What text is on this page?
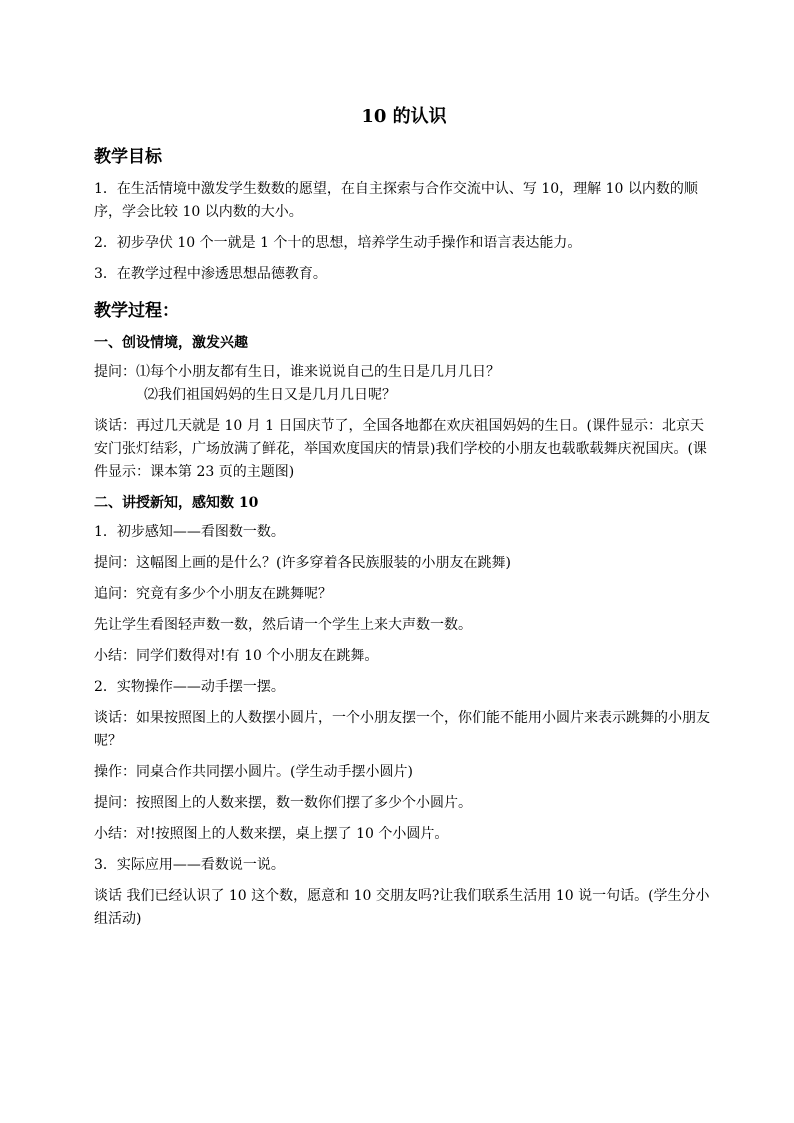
10 的认识
教学目标
1．在生活情境中激发学生数数的愿望，在自主探索与合作交流中认、写 10，理解 10 以内数的顺序，学会比较 10 以内数的大小。
2．初步孕伏 10 个一就是 1 个十的思想，培养学生动手操作和语言表达能力。
3．在教学过程中渗透思想品德教育。
教学过程：
一、创设情境，激发兴趣
提问：⑴每个小朋友都有生日，谁来说说自己的生日是几月几日？
⑵我们祖国妈妈的生日又是几月几日呢？
谈话：再过几天就是 10 月 1 日国庆节了，全国各地都在欢庆祖国妈妈的生日。(课件显示：北京天安门张灯结彩，广场放满了鲜花，举国欢度国庆的情景)我们学校的小朋友也载歌载舞庆祝国庆。(课件显示：课本第 23 页的主题图)
二、讲授新知，感知数 10
1．初步感知——看图数一数。
提问：这幅图上画的是什么？(许多穿着各民族服装的小朋友在跳舞)
追问：究竟有多少个小朋友在跳舞呢？
先让学生看图轻声数一数，然后请一个学生上来大声数一数。
小结：同学们数得对!有 10 个小朋友在跳舞。
2．实物操作——动手摆一摆。
谈话：如果按照图上的人数摆小圆片，一个小朋友摆一个，你们能不能用小圆片来表示跳舞的小朋友呢？
操作：同桌合作共同摆小圆片。(学生动手摆小圆片)
提问：按照图上的人数来摆，数一数你们摆了多少个小圆片。
小结：对!按照图上的人数来摆，桌上摆了 10 个小圆片。
3．实际应用——看数说一说。
谈话 我们已经认识了 10 这个数，愿意和 10 交朋友吗?让我们联系生活用 10 说一句话。(学生分小组活动)
